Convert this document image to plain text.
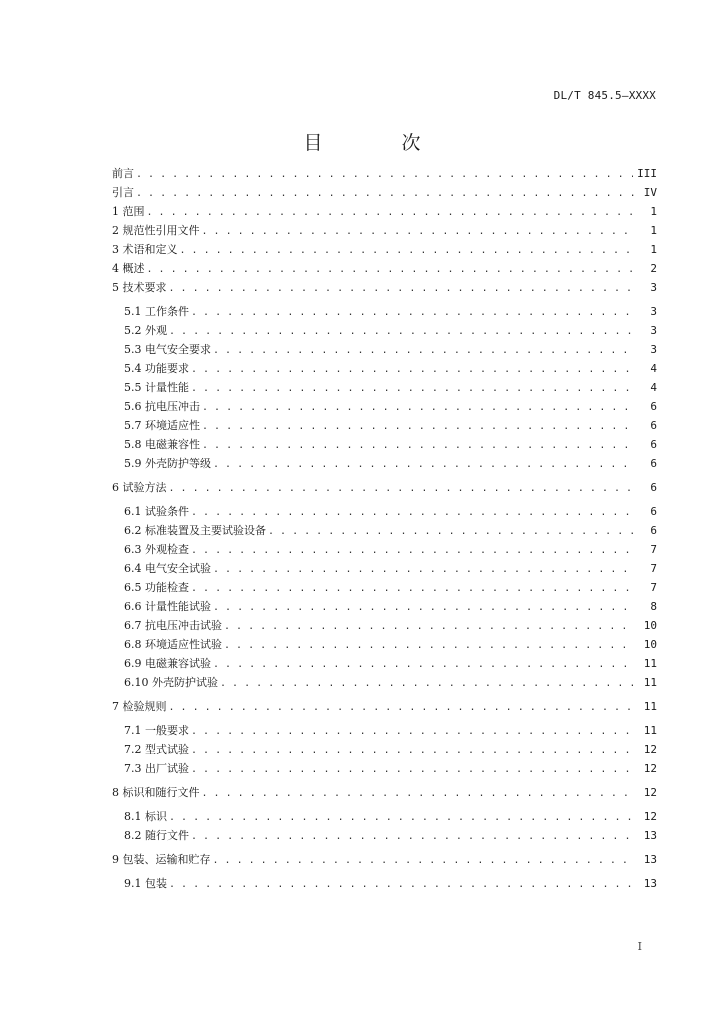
DL/T 845.5—XXXX
目　次
前言 . . .	III
引言 . . .	IV
1 范围 . . .	1
2 规范性引用文件 . . .	1
3 术语和定义 . . .	1
4 概述 . . .	2
5 技术要求 . . .	3
5.1 工作条件 . . .	3
5.2 外观 . . .	3
5.3 电气安全要求 . . .	3
5.4 功能要求 . . .	4
5.5 计量性能 . . .	4
5.6 抗电压冲击 . . .	6
5.7 环境适应性 . . .	6
5.8 电磁兼容性 . . .	6
5.9 外壳防护等级 . . .	6
6 试验方法 . . .	6
6.1 试验条件 . . .	6
6.2 标准装置及主要试验设备 . . .	6
6.3 外观检查 . . .	7
6.4 电气安全试验 . . .	7
6.5 功能检查 . . .	7
6.6 计量性能试验 . . .	8
6.7 抗电压冲击试验 . . .	10
6.8 环境适应性试验 . . .	10
6.9 电磁兼容试验 . . .	11
6.10 外壳防护试验 . . .	11
7 检验规则 . . .	11
7.1 一般要求 . . .	11
7.2 型式试验 . . .	12
7.3 出厂试验 . . .	12
8 标识和随行文件 . . .	12
8.1 标识 . . .	12
8.2 随行文件 . . .	13
9 包装、运输和贮存 . . .	13
9.1 包装 . . .	13
I
